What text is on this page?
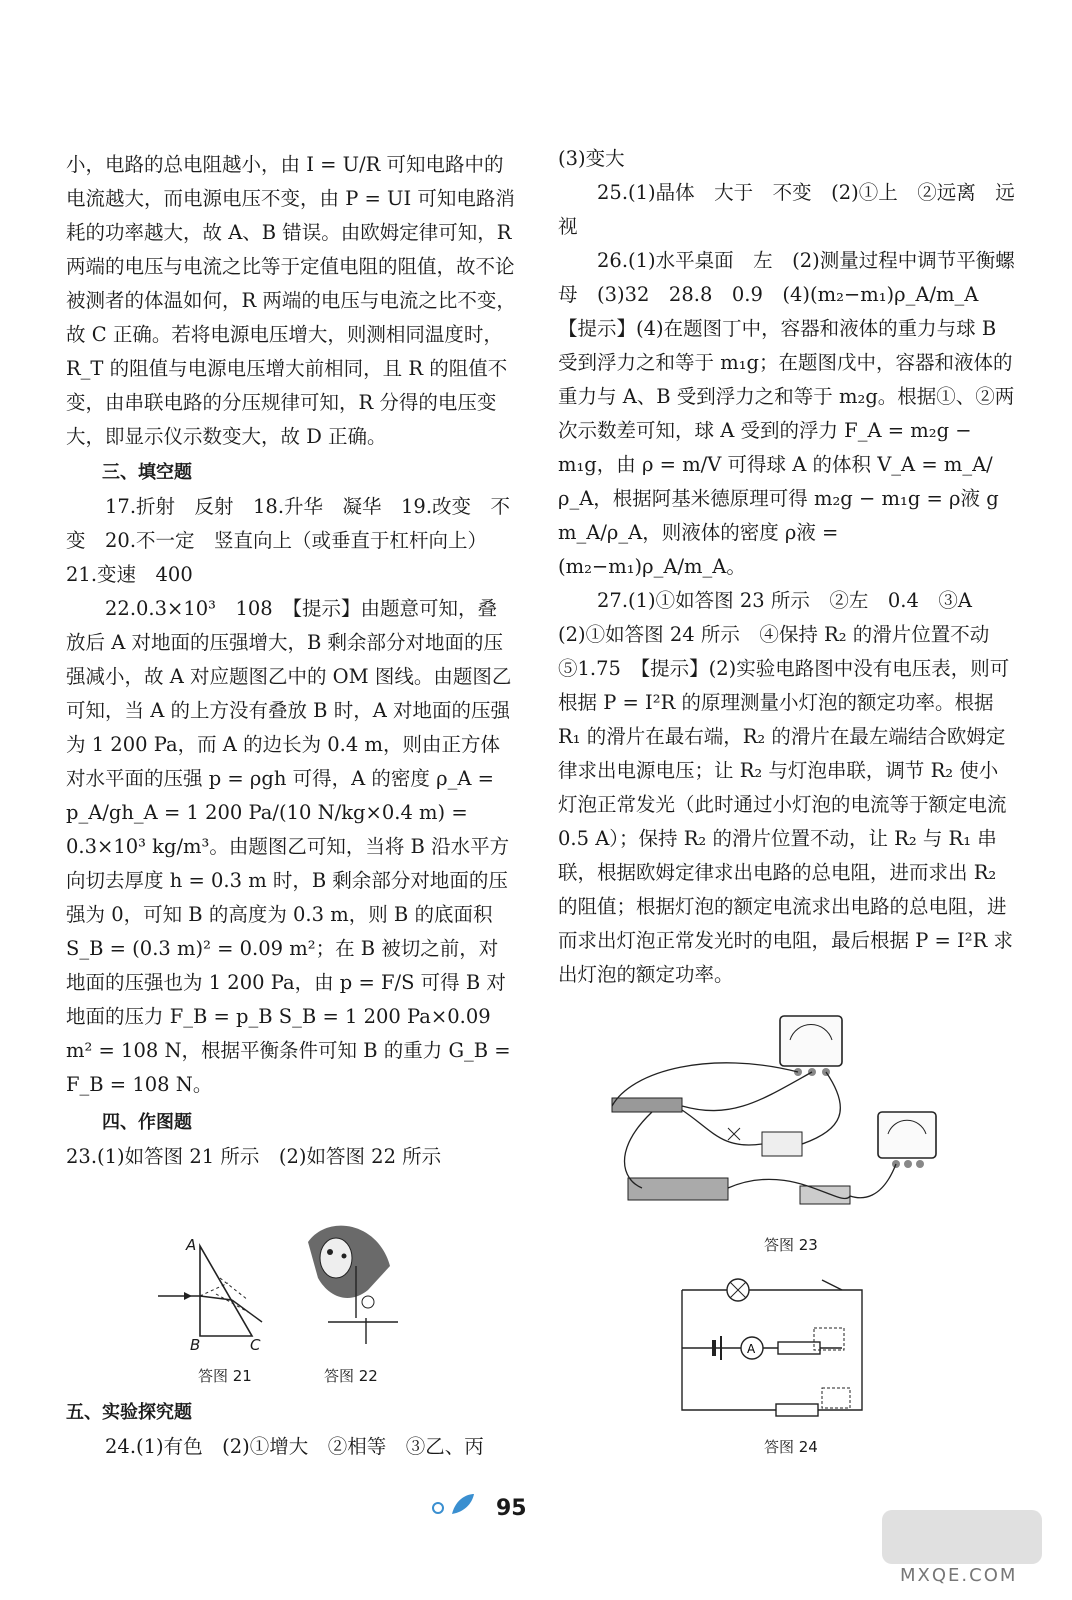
小，电路的总电阻越小，由 I = U/R 可知电路中的电流越大，而电源电压不变，由 P = UI 可知电路消耗的功率越大，故 A、B 错误。由欧姆定律可知，R 两端的电压与电流之比等于定值电阻的阻值，故不论被测者的体温如何，R 两端的电压与电流之比不变，故 C 正确。若将电源电压增大，则测相同温度时，R_T 的阻值与电源电压增大前相同，且 R 的阻值不变，由串联电路的分压规律可知，R 分得的电压变大，即显示仪示数变大，故 D 正确。

三、填空题

17.折射　反射　18.升华　凝华　19.改变　不变　20.不一定　竖直向上（或垂直于杠杆向上）

21.变速　400

22.0.3×10³　108　【提示】由题意可知，叠放后 A 对地面的压强增大，B 剩余部分对地面的压强减小，故 A 对应题图乙中的 OM 图线。由题图乙可知，当 A 的上方没有叠放 B 时，A 对地面的压强为 1 200 Pa，而 A 的边长为 0.4 m，则由正方体对水平面的压强 p = ρgh 可得，A 的密度 ρ_A = p_A/gh_A = 1 200 Pa/(10 N/kg×0.4 m) = 0.3×10³ kg/m³。由题图乙可知，当将 B 沿水平方向切去厚度 h = 0.3 m 时，B 剩余部分对地面的压强为 0，可知 B 的高度为 0.3 m，则 B 的底面积 S_B = (0.3 m)² = 0.09 m²；在 B 被切之前，对地面的压强也为 1 200 Pa，由 p = F/S 可得 B 对地面的压力 F_B = p_B S_B = 1 200 Pa×0.09 m² = 108 N，根据平衡条件可知 B 的重力 G_B = F_B = 108 N。

四、作图题

23.(1)如答图 21 所示　(2)如答图 22 所示

A
B	C
答图 21	答图 22

五、实验探究题

24.(1)有色　(2)①增大　②相等　③乙、丙

(3)变大

25.(1)晶体　大于　不变　(2)①上　②远离　远视

26.(1)水平桌面　左　(2)测量过程中调节平衡螺母　(3)32　28.8　0.9　(4)(m₂−m₁)ρ_A/m_A

【提示】(4)在题图丁中，容器和液体的重力与球 B 受到浮力之和等于 m₁g；在题图戊中，容器和液体的重力与 A、B 受到浮力之和等于 m₂g。根据①、②两次示数差可知，球 A 受到的浮力 F_A = m₂g − m₁g，由 ρ = m/V 可得球 A 的体积 V_A = m_A/ρ_A，根据阿基米德原理可得 m₂g − m₁g = ρ液 g m_A/ρ_A，则液体的密度 ρ液 = (m₂−m₁)ρ_A/m_A。

27.(1)①如答图 23 所示　②左　0.4　③A　(2)①如答图 24 所示　④保持 R₂ 的滑片位置不动　⑤1.75　【提示】(2)实验电路图中没有电压表，则可根据 P = I²R 的原理测量小灯泡的额定功率。根据 R₁ 的滑片在最右端，R₂ 的滑片在最左端结合欧姆定律求出电源电压；让 R₂ 与灯泡串联，调节 R₂ 使小灯泡正常发光（此时通过小灯泡的电流等于额定电流 0.5 A）；保持 R₂ 的滑片位置不动，让 R₂ 与 R₁ 串联，根据欧姆定律求出电路的总电阻，进而求出 R₂ 的阻值；根据灯泡的额定电流求出电路的总电阻，进而求出灯泡正常发光时的电阻，最后根据 P = I²R 求出灯泡的额定功率。

答图 23
A
答图 24
95
MXQE.COM
